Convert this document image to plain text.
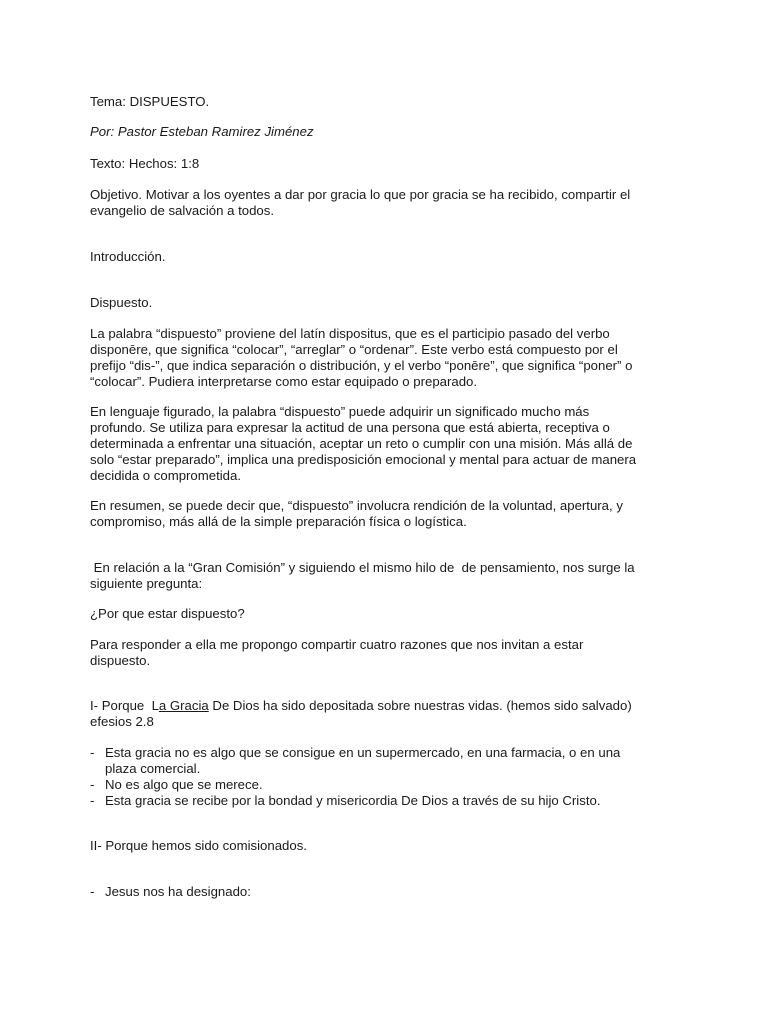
Tema: DISPUESTO.

Por: Pastor Esteban Ramirez Jiménez

Texto: Hechos: 1:8

Objetivo. Motivar a los oyentes a dar por gracia lo que por gracia se ha recibido, compartir el

evangelio de salvación a todos.

Introducción.

Dispuesto.

La palabra “dispuesto” proviene del latín dispositus, que es el participio pasado del verbo

disponēre, que significa “colocar”, “arreglar” o “ordenar”. Este verbo está compuesto por el

prefijo “dis-”, que indica separación o distribución, y el verbo “ponēre”, que significa “poner” o

“colocar”. Pudiera interpretarse como estar equipado o preparado.

En lenguaje figurado, la palabra “dispuesto” puede adquirir un significado mucho más

profundo. Se utiliza para expresar la actitud de una persona que está abierta, receptiva o

determinada a enfrentar una situación, aceptar un reto o cumplir con una misión. Más allá de

solo “estar preparado”, implica una predisposición emocional y mental para actuar de manera

decidida o comprometida.

En resumen, se puede decir que, “dispuesto” involucra rendición de la voluntad, apertura, y

compromiso, más allá de la simple preparación física o logística.

En relación a la “Gran Comisión” y siguiendo el mismo hilo de  de pensamiento, nos surge la

siguiente pregunta:

¿Por que estar dispuesto?

Para responder a ella me propongo compartir cuatro razones que nos invitan a estar

dispuesto.

I- Porque  La Gracia De Dios ha sido depositada sobre nuestras vidas. (hemos sido salvado)

efesios 2.8

- Esta gracia no es algo que se consigue en un supermercado, en una farmacia, o en una
plaza comercial.
- No es algo que se merece.
- Esta gracia se recibe por la bondad y misericordia De Dios a través de su hijo Cristo.

II- Porque hemos sido comisionados.

- Jesus nos ha designado:
